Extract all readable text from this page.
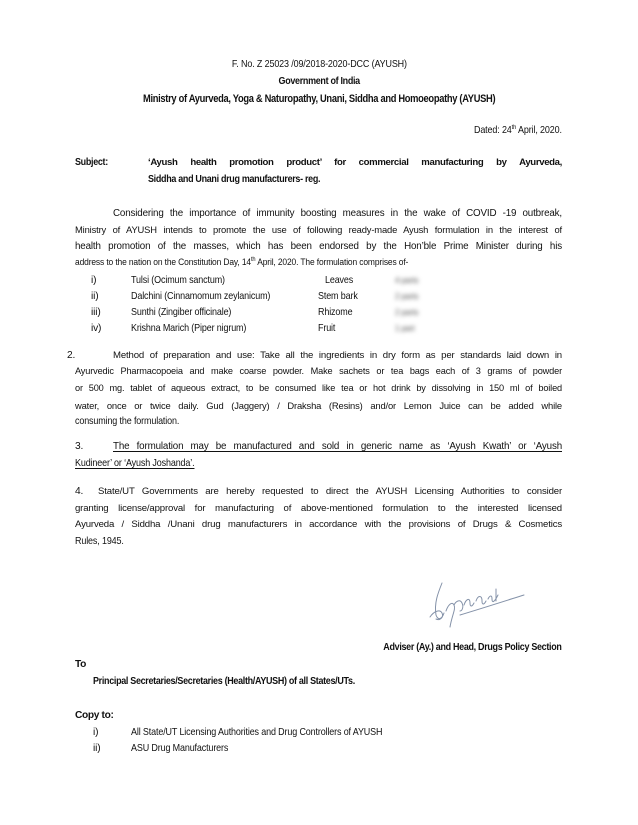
F. No. Z 25023 /09/2018-2020-DCC (AYUSH)
Government of India
Ministry of Ayurveda, Yoga & Naturopathy, Unani, Siddha and Homoeopathy (AYUSH)
Dated: 24th April, 2020.
Subject:	‘Ayush health promotion product’ for commercial manufacturing by Ayurveda,
Siddha and Unani drug manufacturers- reg.
Considering the importance of immunity boosting measures in the wake of COVID -19 outbreak,
Ministry of AYUSH intends to promote the use of following ready-made Ayush formulation in the interest of
health promotion of the masses, which has been endorsed by the Hon’ble Prime Minister during his
address to the nation on the Constitution Day, 14th April, 2020. The formulation comprises of-
i)	Tulsi (Ocimum sanctum)	Leaves	4 parts
ii)	Dalchini (Cinnamomum zeylanicum)	Stem bark	2 parts
iii)	Sunthi (Zingiber officinale)	Rhizome	2 parts
iv)	Krishna Marich (Piper nigrum)	Fruit	1 part
2.	Method of preparation and use: Take all the ingredients in dry form as per standards laid down in
Ayurvedic Pharmacopoeia and make coarse powder. Make sachets or tea bags each of 3 grams of powder
or 500 mg. tablet of aqueous extract, to be consumed like tea or hot drink by dissolving in 150 ml of boiled
water, once or twice daily. Gud (Jaggery) / Draksha (Resins) and/or Lemon Juice can be added while
consuming the formulation.
3.	The formulation may be manufactured and sold in generic name as ‘Ayush Kwath’ or ‘Ayush
Kudineer’ or ‘Ayush Joshanda’.
4. State/UT Governments are hereby requested to direct the AYUSH Licensing Authorities to consider
granting license/approval for manufacturing of above-mentioned formulation to the interested licensed
Ayurveda / Siddha /Unani drug manufacturers in accordance with the provisions of Drugs & Cosmetics
Rules, 1945.
Adviser (Ay.) and Head, Drugs Policy Section
To
Principal Secretaries/Secretaries (Health/AYUSH) of all States/UTs.
Copy to:
i)	All State/UT Licensing Authorities and Drug Controllers of AYUSH
ii)	ASU Drug Manufacturers
